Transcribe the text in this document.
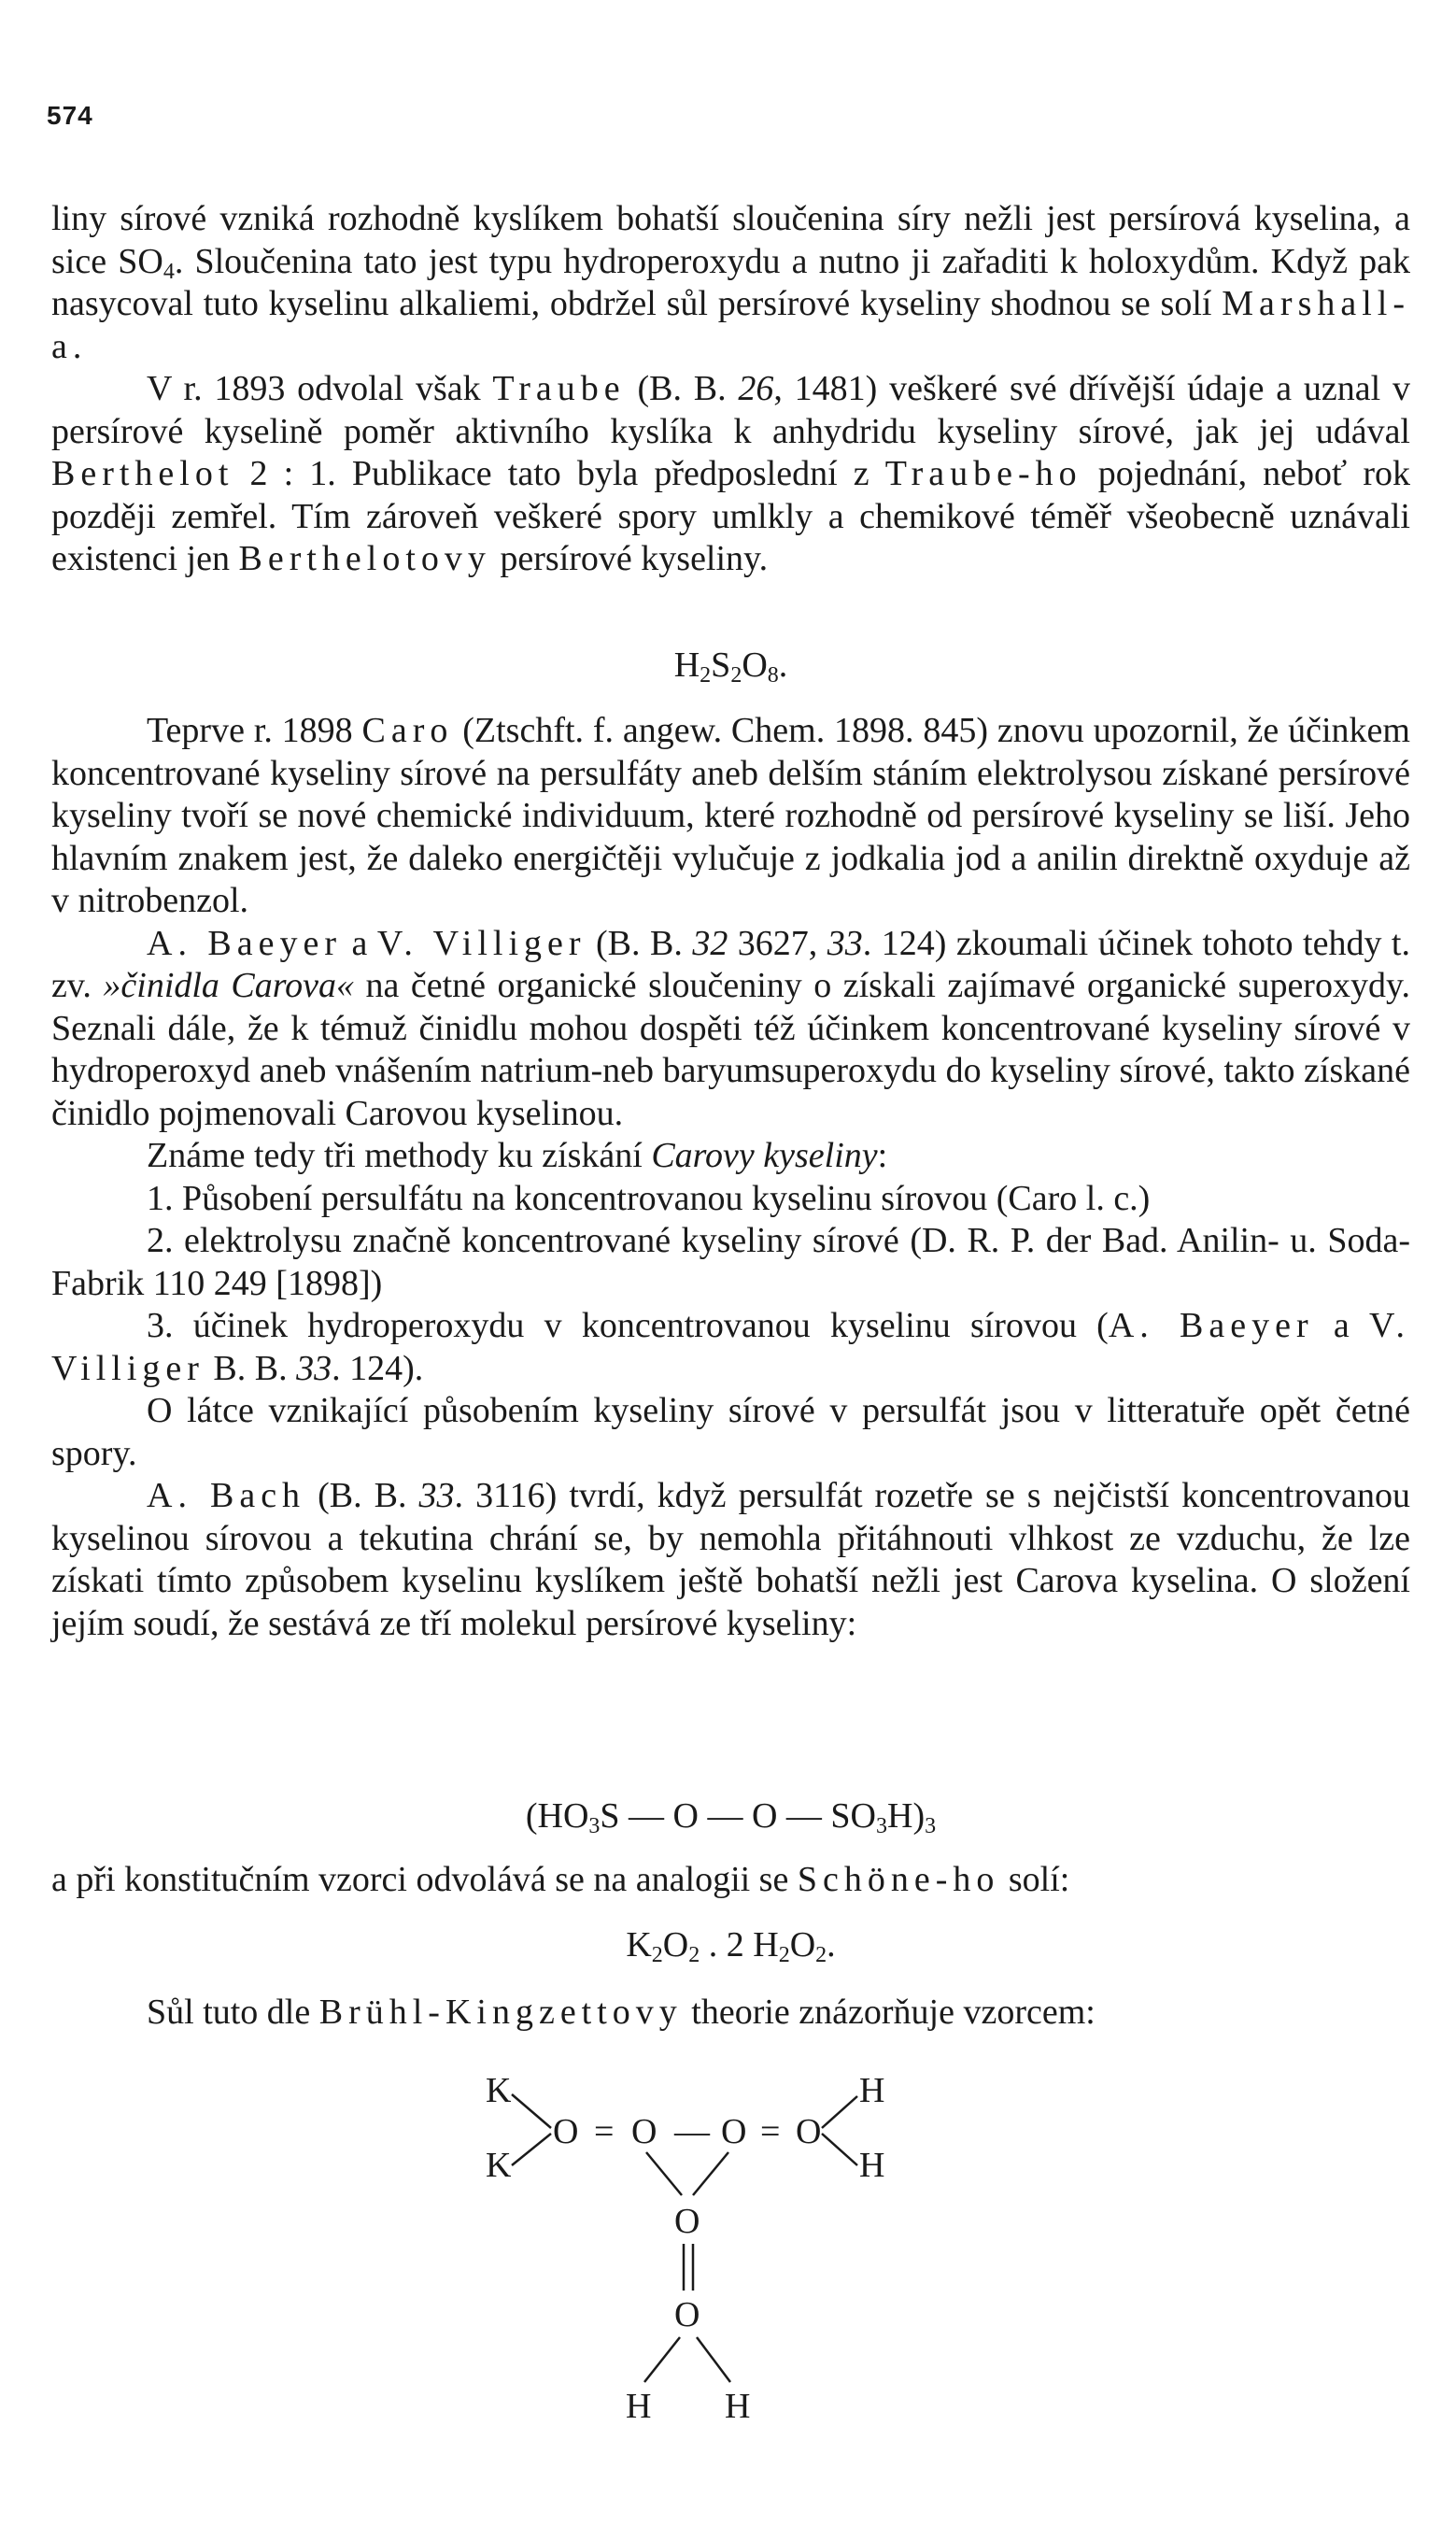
574

liny sírové vzniká rozhodně kyslíkem bohatší sloučenina síry nežli jest persírová kyselina, a sice $SO_4$. Sloučenina tato jest typu hydroperoxydu a nutno ji zařaditi k holoxydům. Když pak nasycoval tuto kyselinu alkaliemi, obdržel sůl persírové kyseliny shodnou se solí Marshall-a.

V r. 1893 odvolal však Traube (B. B. 26, 1481) veškeré své dřívější údaje a uznal v persírové kyselině poměr aktivního kyslíka k anhydridu kyseliny sírové, jak jej udával Berthelot 2 : 1. Publikace tato byla předposlední z Traube-ho pojednání, neboť rok později zemřel. Tím zároveň veškeré spory umlkly a chemikové téměř všeobecně uznávali existenci jen Berthelotovy persírové kyseliny.

$H_2S_2O_8$.

Teprve r. 1898 Caro (Ztschft. f. angew. Chem. 1898. 845) znovu upozornil, že účinkem koncentrované kyseliny sírové na persulfáty aneb delším stáním elektrolysou získané persírové kyseliny tvoří se nové chemické individuum, které rozhodně od persírové kyseliny se liší. Jeho hlavním znakem jest, že daleko energičtěji vylučuje z jodkalia jod a anilin direktně oxyduje až v nitrobenzol.

A. Baeyer a V. Villiger (B. B. 32 3627, 33. 124) zkoumali účinek tohoto tehdy t. zv. »činidla Carova« na četné organické sloučeniny o získali zajímavé organické superoxydy. Seznali dále, že k témuž činidlu mohou dospěti též účinkem koncentrované kyseliny sírové v hydroperoxyd aneb vnášením natrium-neb baryumsuperoxydu do kyseliny sírové, takto získané činidlo pojmenovali Carovou kyselinou.

Známe tedy tři methody ku získání Carovy kyseliny:

1. Působení persulfátu na koncentrovanou kyselinu sírovou (Caro l. c.)

2. elektrolysu značně koncentrované kyseliny sírové (D. R. P. der Bad. Anilin- u. Soda-Fabrik 110 249 [1898])

3. účinek hydroperoxydu v koncentrovanou kyselinu sírovou (A. Baeyer a V. Villiger B. B. 33. 124).

O látce vznikající působením kyseliny sírové v persulfát jsou v litteratuře opět četné spory.

A. Bach (B. B. 33. 3116) tvrdí, když persulfát rozetře se s nejčistší koncentrovanou kyselinou sírovou a tekutina chrání se, by nemohla přitáhnouti vlhkost ze vzduchu, že lze získati tímto způsobem kyselinu kyslíkem ještě bohatší nežli jest Carova kyselina. O složení jejím soudí, že sestává ze tří molekul persírové kyseliny:

($HO_3S$ — O — O — $SO_3H)_3$

a při konstitučním vzorci odvolává se na analogii se Schöne-ho solí:

$K_2O_2$ . 2 $H_2O_2$.

Sůl tuto dle Brühl-Kingzettovy theorie znázorňuje vzorcem:

K
K
O = O — O = O
H
H
O
O
H H
